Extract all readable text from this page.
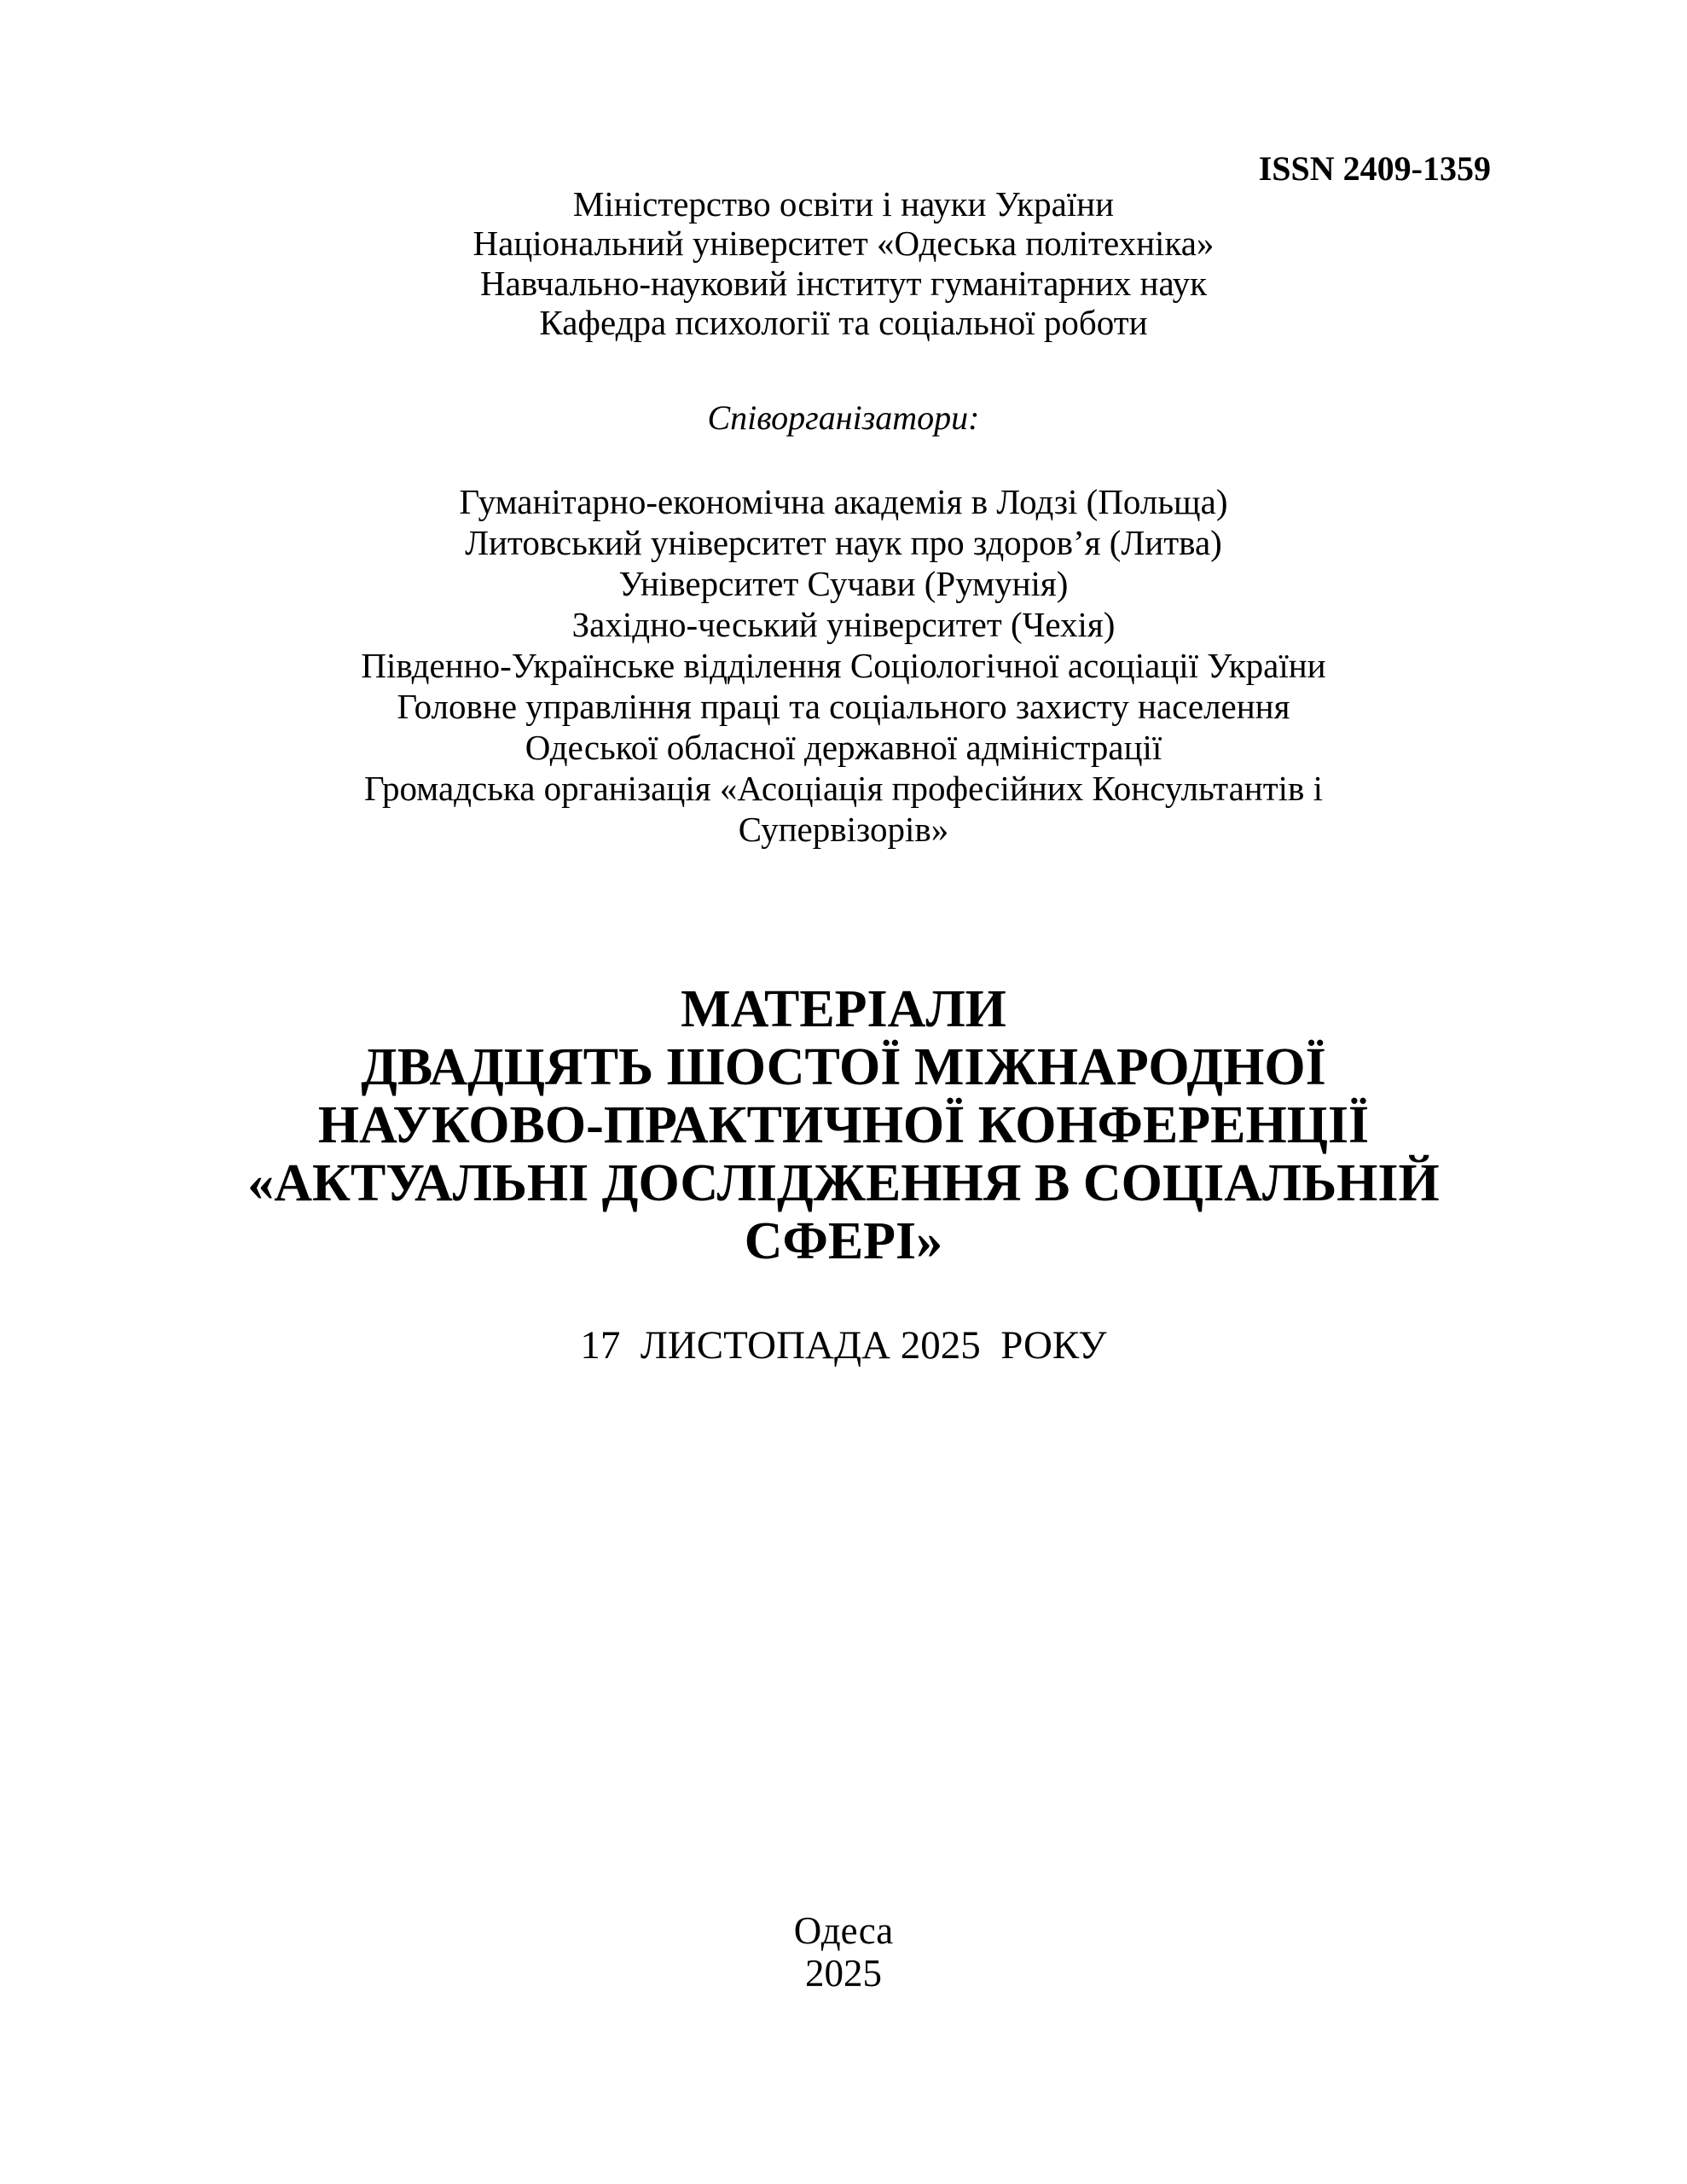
ISSN 2409-1359
Міністерство освіти і науки України
Національний університет «Одеська політехніка»
Навчально-науковий інститут гуманітарних наук
Кафедра психології та соціальної роботи
Співорганізатори:
Гуманітарно-економічна академія в Лодзі (Польща)
Литовський університет наук про здоров’я (Литва)
Університет Сучави (Румунія)
Західно-чеський університет (Чехія)
Південно-Українське відділення Соціологічної асоціації України
Головне управління праці та соціального захисту населення
Одеської обласної державної адміністрації
Громадська організація «Асоціація професійних Консультантів і
Супервізорів»
МАТЕРІАЛИ
ДВАДЦЯТЬ ШОСТОЇ МІЖНАРОДНОЇ
НАУКОВО-ПРАКТИЧНОЇ КОНФЕРЕНЦІЇ
«АКТУАЛЬНІ ДОСЛІДЖЕННЯ В СОЦІАЛЬНІЙ
СФЕРІ»
17  ЛИСТОПАДА 2025  РОКУ
Одеса
2025
